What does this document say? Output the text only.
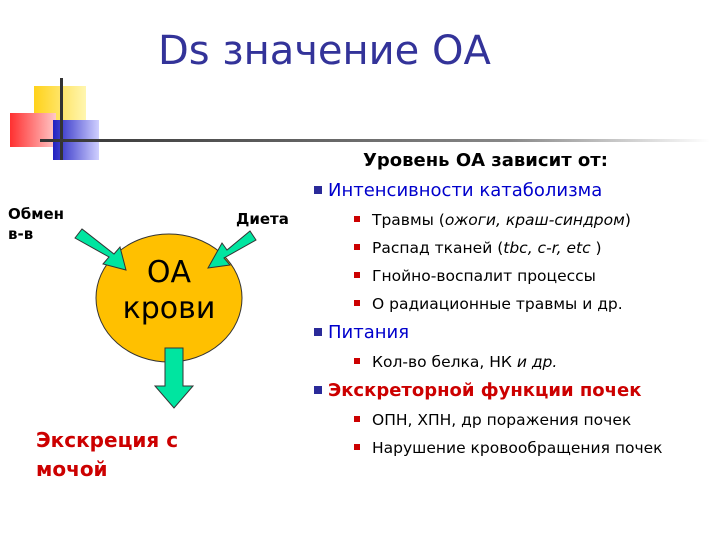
Ds значение ОА
Обмен
в-в
Диета
ОА
крови
Экскреция с
мочой
Уровень ОА зависит от:
Интенсивности катаболизма
Травмы (ожоги, краш-синдром)
Распад тканей (tbc, c-r, etc )
Гнойно-воспалит процессы
О радиационные травмы и др.
Питания
Кол-во белка, НК и др.
Экскреторной функции почек
ОПН, ХПН, др поражения почек
Нарушение кровообращения почек
